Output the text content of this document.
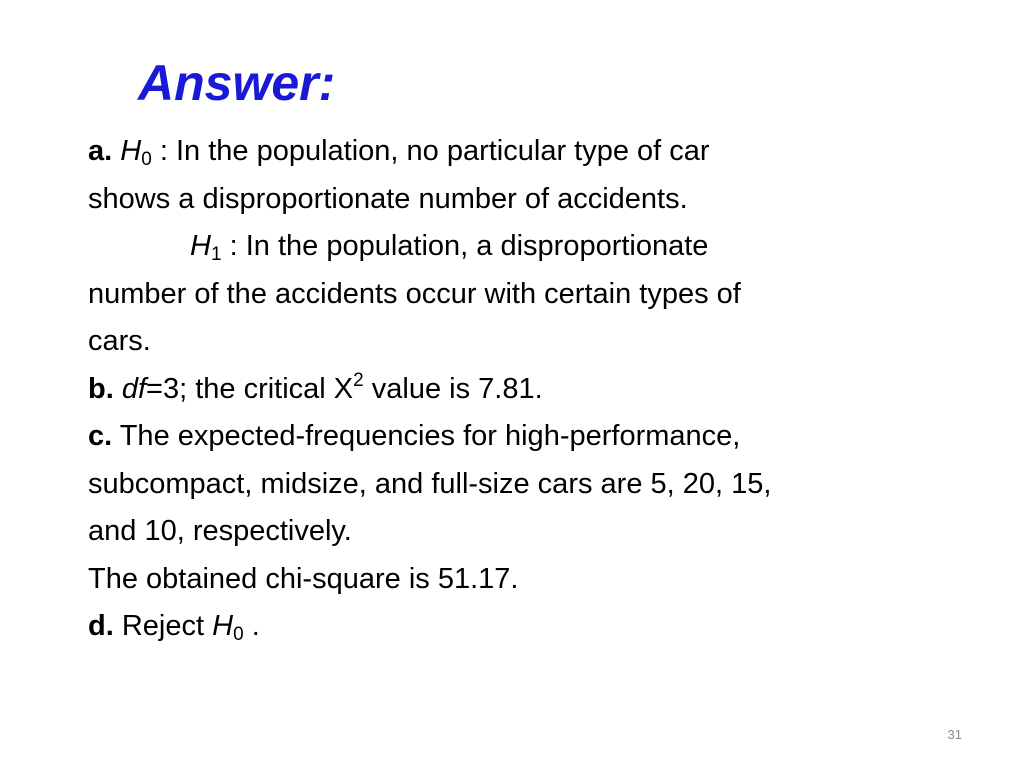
Answer:
a. $H_0$ : In the population, no particular type of car
shows a disproportionate number of accidents.
$H_1$ : In the population, a disproportionate
number of the accidents occur with certain types of
cars.
b. df=3; the critical $X^2$ value is 7.81.
c. The expected-frequencies for high-performance,
subcompact, midsize, and full-size cars are 5, 20, 15,
and 10, respectively.
The obtained chi-square is 51.17.
d. Reject $H_0$ .
31
